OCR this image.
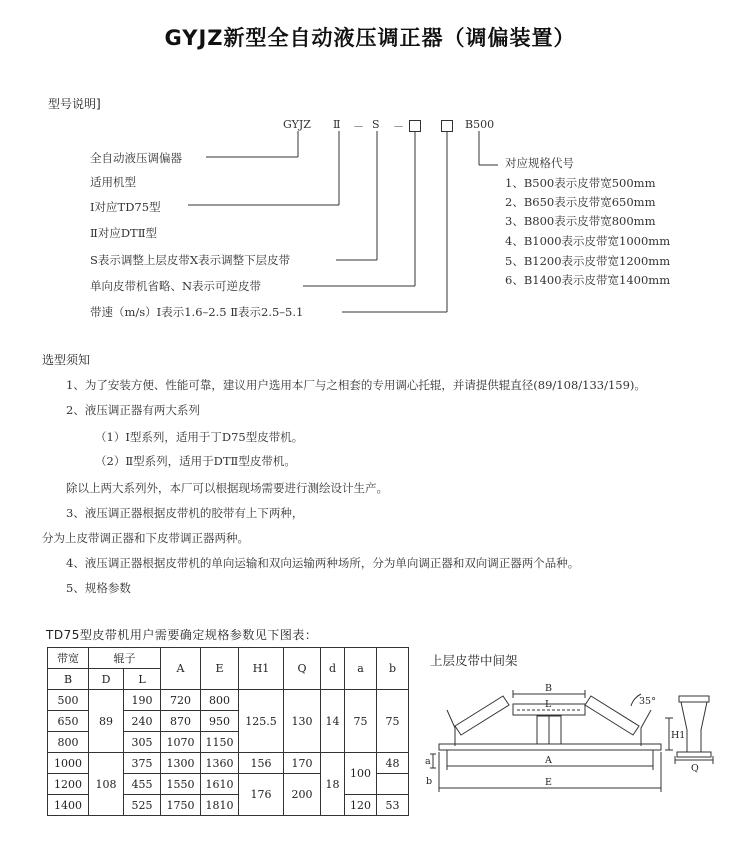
GYJZ新型全自动液压调正器（调偏装置）
型号说明]
GYJZ Ⅱ － S －	B500
全自动液压调偏器
适用机型
Ⅰ对应TD75型
Ⅱ对应DTⅡ型
S表示调整上层皮带X表示调整下层皮带
单向皮带机省略、N表示可逆皮带
带速（m/s）Ⅰ表示1.6–2.5 Ⅱ表示2.5–5.1
对应规格代号
1、B500表示皮带宽500mm
2、B650表示皮带宽650mm
3、B800表示皮带宽800mm
4、B1000表示皮带宽1000mm
5、B1200表示皮带宽1200mm
6、B1400表示皮带宽1400mm
选型须知
1、为了安装方便、性能可靠，建议用户选用本厂与之相套的专用调心托辊，并请提供辊直径(89/108/133/159)。
2、液压调正器有两大系列
（1）Ⅰ型系列，适用于丁D75型皮带机。
（2）Ⅱ型系列，适用于DTⅡ型皮带机。
除以上两大系列外，本厂可以根据现场需要进行测绘设计生产。
3、液压调正器根据皮带机的胶带有上下两种，
分为上皮带调正器和下皮带调正器两种。
4、液压调正器根据皮带机的单向运输和双向运输两种场所，分为单向调正器和双向调正器两个品种。
5、规格参数
TD75型皮带机用户需要确定规格参数见下图表：
带宽	辊子		A	E	H1	Q	d	a	b
B	D	L							
500	89	190	720	800	125.5	130	14	75	75
650		240	870	950					
800		305	1070	1150					
1000	108	375	1300	1360	156	170	18	100	48
1200		455	1550	1610	176	200			
1400		525	1750	1810				120	53
上层皮带中间架
B
L
A
E
H1
a
b
Q
35°
